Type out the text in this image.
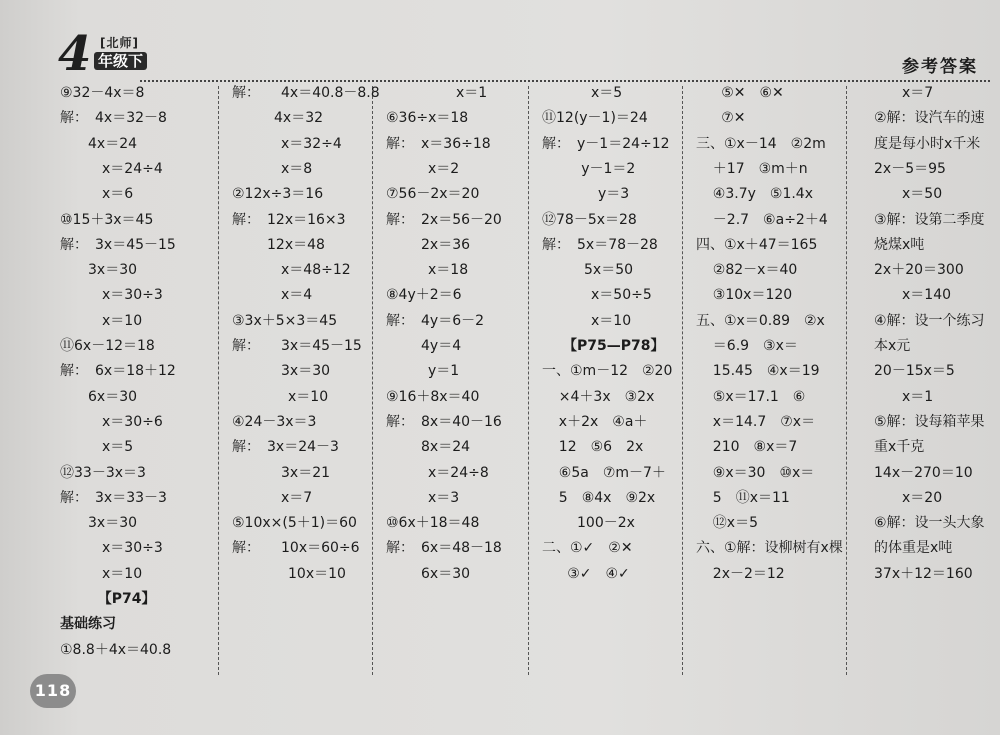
4 [北师]
年级下	参考答案
⑨32－4x＝8
解：　4x＝32－8
4x＝24
x＝24÷4
x＝6
⑩15＋3x＝45
解：　3x＝45－15
3x＝30
x＝30÷3
x＝10
⑪6x－12＝18
解：　6x＝18＋12
6x＝30
x＝30÷6
x＝5
⑫33－3x＝3
解：　3x＝33－3
3x＝30
x＝30÷3
x＝10
【P74】
基础练习
①8.8＋4x＝40.8
解：　　4x＝40.8－8.8
4x＝32
x＝32÷4
x＝8
②12x÷3＝16
解：　12x＝16×3
12x＝48
x＝48÷12
x＝4
③3x＋5×3＝45
解：　　3x＝45－15
3x＝30
x＝10
④24－3x＝3
解：　3x＝24－3
3x＝21
x＝7
⑤10x×(5＋1)＝60
解：　　10x＝60÷6
10x＝10
x＝1
⑥36÷x＝18
解：　x＝36÷18
x＝2
⑦56－2x＝20
解：　2x＝56－20
2x＝36
x＝18
⑧4y＋2＝6
解：　4y＝6－2
4y＝4
y＝1
⑨16＋8x＝40
解：　8x＝40－16
8x＝24
x＝24÷8
x＝3
⑩6x＋18＝48
解：　6x＝48－18
6x＝30
x＝5
⑪12(y－1)＝24
解：　y－1＝24÷12
y－1＝2
y＝3
⑫78－5x＝28
解：　5x＝78－28
5x＝50
x＝50÷5
x＝10
【P75—P78】
一、①m－12　②20
×4＋3x　③2x
x＋2x　④a＋
12　⑤6　2x
⑥5a　⑦m－7＋
5　⑧4x　⑨2x
100－2x
二、①✓　②✕
③✓　④✓
⑤✕　⑥✕
⑦✕
三、①x－14　②2m
＋17　③m＋n
④3.7y　⑤1.4x
－2.7　⑥a÷2＋4
四、①x＋47＝165
②82－x＝40
③10x＝120
五、①x＝0.89　②x
＝6.9　③x＝
15.45　④x＝19
⑤x＝17.1　⑥
x＝14.7　⑦x＝
210　⑧x＝7
⑨x＝30　⑩x＝
5　⑪x＝11
⑫x＝5
六、①解：设柳树有x棵
2x－2＝12
x＝7
②解：设汽车的速
度是每小时x千米
2x－5＝95
x＝50
③解：设第二季度
烧煤x吨
2x＋20＝300
x＝140
④解：设一个练习
本x元
20－15x＝5
x＝1
⑤解：设每箱苹果
重x千克
14x－270＝10
x＝20
⑥解：设一头大象
的体重是x吨
37x＋12＝160
118
